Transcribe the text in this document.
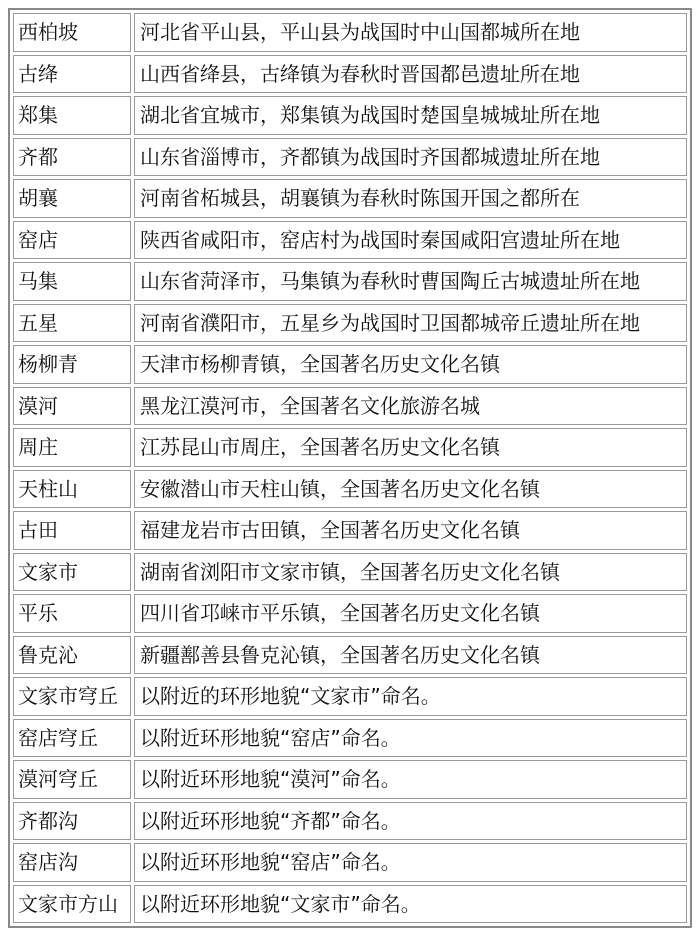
西柏坡	河北省平山县，平山县为战国时中山国都城所在地
古绛	山西省绛县，古绛镇为春秋时晋国都邑遗址所在地
郑集	湖北省宜城市，郑集镇为战国时楚国皇城城址所在地
齐都	山东省淄博市，齐都镇为战国时齐国都城遗址所在地
胡襄	河南省柘城县，胡襄镇为春秋时陈国开国之都所在
窑店	陕西省咸阳市，窑店村为战国时秦国咸阳宫遗址所在地
马集	山东省菏泽市，马集镇为春秋时曹国陶丘古城遗址所在地
五星	河南省濮阳市，五星乡为战国时卫国都城帝丘遗址所在地
杨柳青	天津市杨柳青镇，全国著名历史文化名镇
漠河	黑龙江漠河市，全国著名文化旅游名城
周庄	江苏昆山市周庄，全国著名历史文化名镇
天柱山	安徽潜山市天柱山镇，全国著名历史文化名镇
古田	福建龙岩市古田镇，全国著名历史文化名镇
文家市	湖南省浏阳市文家市镇，全国著名历史文化名镇
平乐	四川省邛崃市平乐镇，全国著名历史文化名镇
鲁克沁	新疆鄯善县鲁克沁镇，全国著名历史文化名镇
文家市穹丘	以附近的环形地貌“文家市”命名。
窑店穹丘	以附近环形地貌“窑店”命名。
漠河穹丘	以附近环形地貌“漠河”命名。
齐都沟	以附近环形地貌“齐都”命名。
窑店沟	以附近环形地貌“窑店”命名。
文家市方山	以附近环形地貌“文家市”命名。
